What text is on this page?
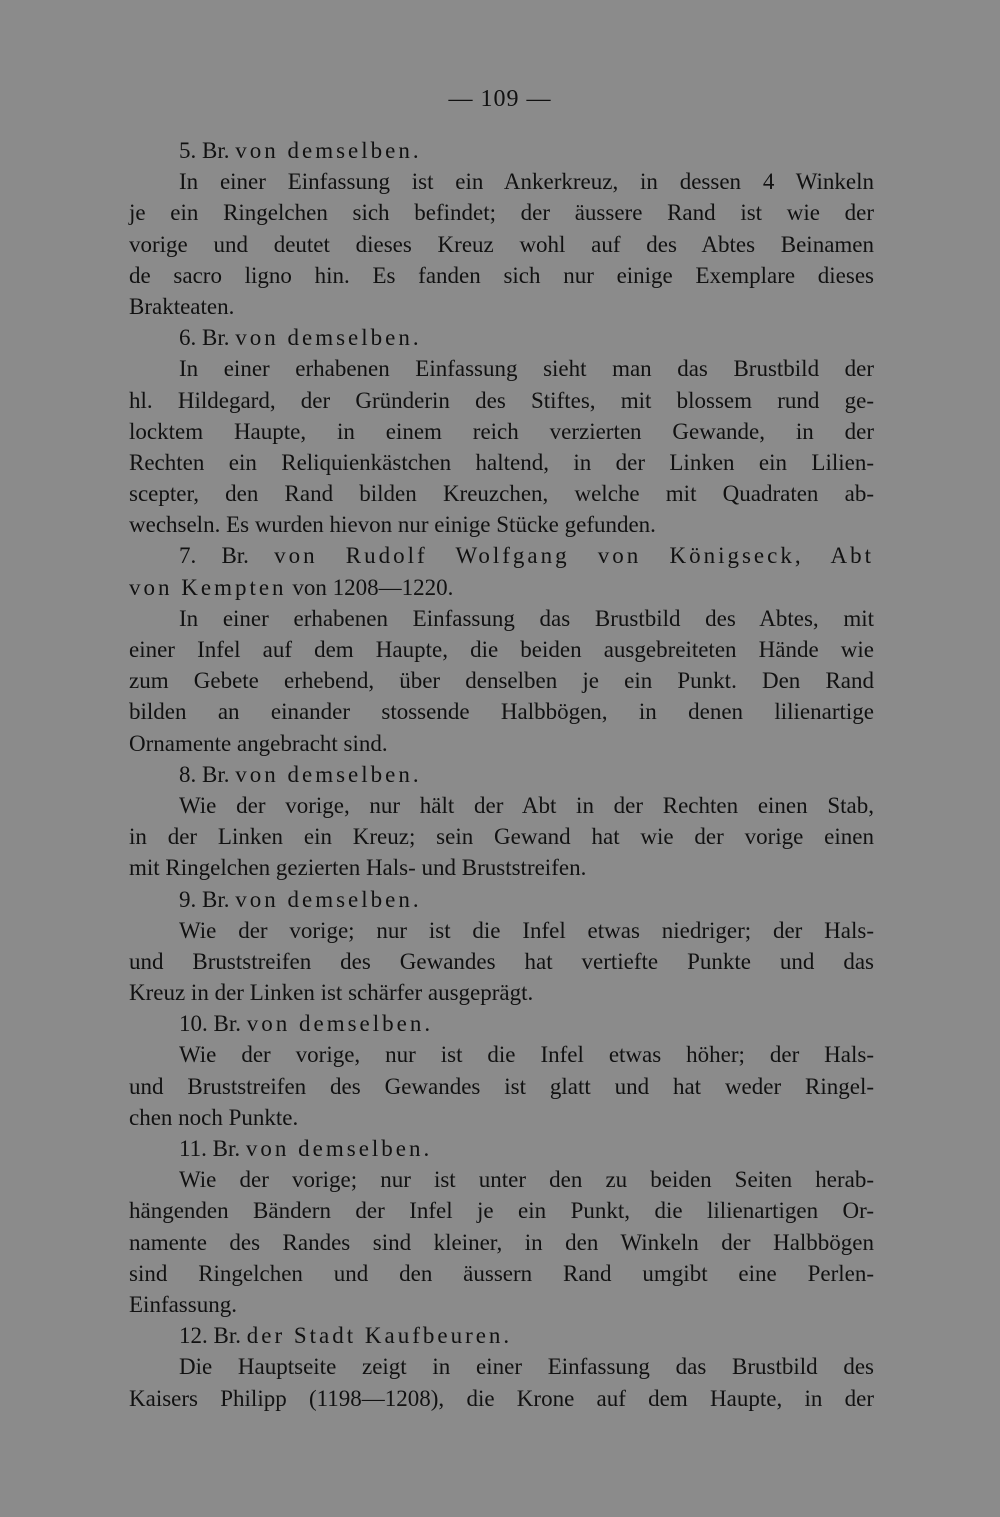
— 109 —
5. Br. von demselben.
In einer Einfassung ist ein Ankerkreuz, in dessen 4 Winkeln
je ein Ringelchen sich befindet; der äussere Rand ist wie der
vorige und deutet dieses Kreuz wohl auf des Abtes Beinamen
de sacro ligno hin. Es fanden sich nur einige Exemplare dieses
Brakteaten.
6. Br. von demselben.
In einer erhabenen Einfassung sieht man das Brustbild der
hl. Hildegard, der Gründerin des Stiftes, mit blossem rund ge-
locktem Haupte, in einem reich verzierten Gewande, in der
Rechten ein Reliquienkästchen haltend, in der Linken ein Lilien-
scepter, den Rand bilden Kreuzchen, welche mit Quadraten ab-
wechseln. Es wurden hievon nur einige Stücke gefunden.
7. Br. von Rudolf Wolfgang von Königseck, Abt
von Kempten von 1208—1220.
In einer erhabenen Einfassung das Brustbild des Abtes, mit
einer Infel auf dem Haupte, die beiden ausgebreiteten Hände wie
zum Gebete erhebend, über denselben je ein Punkt. Den Rand
bilden an einander stossende Halbbögen, in denen lilienartige
Ornamente angebracht sind.
8. Br. von demselben.
Wie der vorige, nur hält der Abt in der Rechten einen Stab,
in der Linken ein Kreuz; sein Gewand hat wie der vorige einen
mit Ringelchen gezierten Hals- und Bruststreifen.
9. Br. von demselben.
Wie der vorige; nur ist die Infel etwas niedriger; der Hals-
und Bruststreifen des Gewandes hat vertiefte Punkte und das
Kreuz in der Linken ist schärfer ausgeprägt.
10. Br. von demselben.
Wie der vorige, nur ist die Infel etwas höher; der Hals-
und Bruststreifen des Gewandes ist glatt und hat weder Ringel-
chen noch Punkte.
11. Br. von demselben.
Wie der vorige; nur ist unter den zu beiden Seiten herab-
hängenden Bändern der Infel je ein Punkt, die lilienartigen Or-
namente des Randes sind kleiner, in den Winkeln der Halbbögen
sind Ringelchen und den äussern Rand umgibt eine Perlen-
Einfassung.
12. Br. der Stadt Kaufbeuren.
Die Hauptseite zeigt in einer Einfassung das Brustbild des
Kaisers Philipp (1198—1208), die Krone auf dem Haupte, in der
